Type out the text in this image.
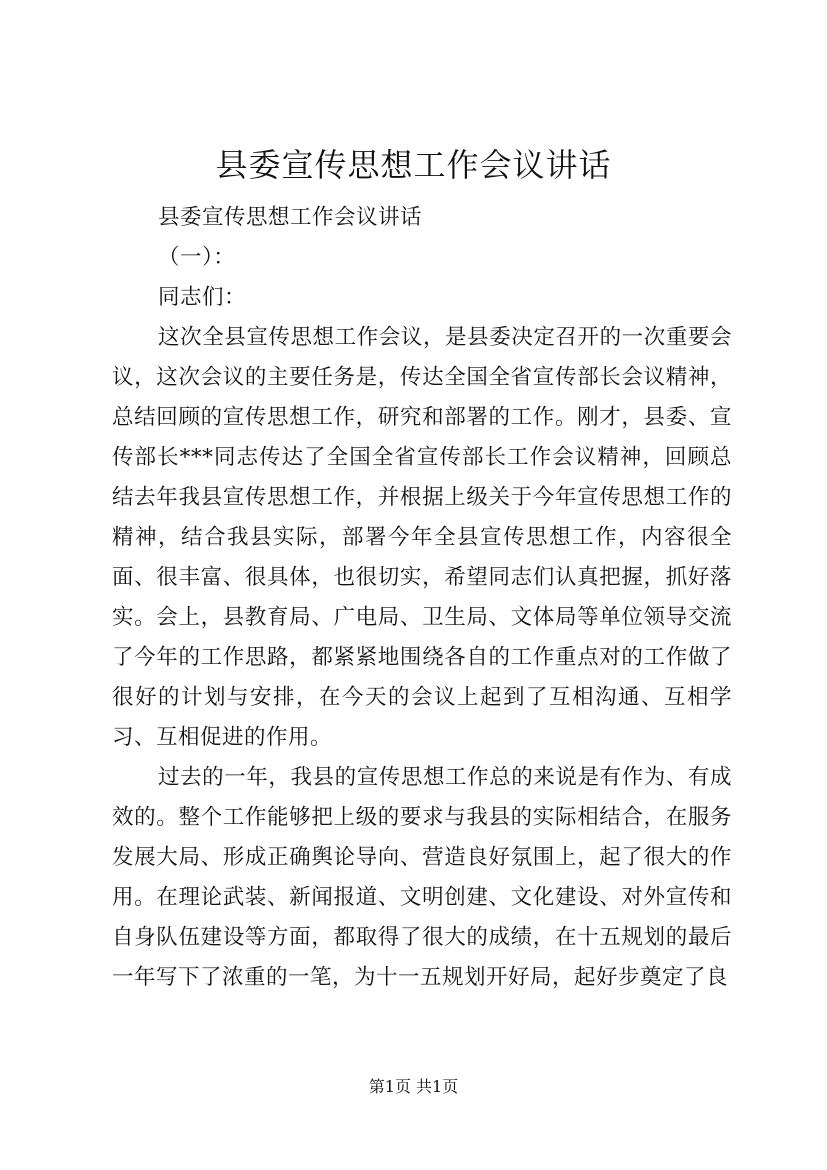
县委宣传思想工作会议讲话

县委宣传思想工作会议讲话

（一）：

同志们：

这次全县宣传思想工作会议，是县委决定召开的一次重要会议，这次会议的主要任务是，传达全国全省宣传部长会议精神，总结回顾的宣传思想工作，研究和部署的工作。刚才，县委、宣传部长***同志传达了全国全省宣传部长工作会议精神，回顾总结去年我县宣传思想工作，并根据上级关于今年宣传思想工作的精神，结合我县实际，部署今年全县宣传思想工作，内容很全面、很丰富、很具体，也很切实，希望同志们认真把握，抓好落实。会上，县教育局、广电局、卫生局、文体局等单位领导交流了今年的工作思路，都紧紧地围绕各自的工作重点对的工作做了很好的计划与安排，在今天的会议上起到了互相沟通、互相学习、互相促进的作用。

过去的一年，我县的宣传思想工作总的来说是有作为、有成效的。整个工作能够把上级的要求与我县的实际相结合，在服务发展大局、形成正确舆论导向、营造良好氛围上，起了很大的作用。在理论武装、新闻报道、文明创建、文化建设、对外宣传和自身队伍建设等方面，都取得了很大的成绩，在十五规划的最后一年写下了浓重的一笔，为十一五规划开好局，起好步奠定了良

第1页 共1页
